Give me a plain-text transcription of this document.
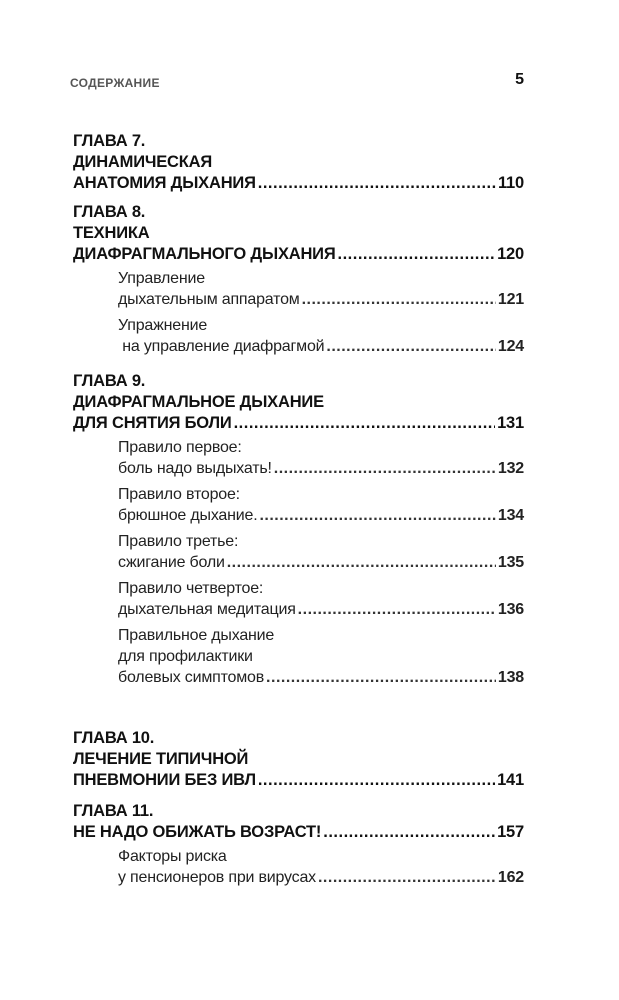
СОДЕРЖАНИЕ	5
ГЛАВА 7.
ДИНАМИЧЕСКАЯ
АНАТОМИЯ ДЫХАНИЯ .....	110
ГЛАВА 8.
ТЕХНИКА
ДИАФРАГМАЛЬНОГО ДЫХАНИЯ .....	120
Управление
дыхательным аппаратом .....	121
Упражнение
на управление диафрагмой .....	124
ГЛАВА 9.
ДИАФРАГМАЛЬНОЕ ДЫХАНИЕ
ДЛЯ СНЯТИЯ БОЛИ .....	131
Правило первое:
боль надо выдыхать! .....	132
Правило второе:
брюшное дыхание. .....	134
Правило третье:
сжигание боли .....	135
Правило четвертое:
дыхательная медитация .....	136
Правильное дыхание
для профилактики
болевых симптомов .....	138
ГЛАВА 10.
ЛЕЧЕНИЕ ТИПИЧНОЙ
ПНЕВМОНИИ БЕЗ ИВЛ .....	141
ГЛАВА 11.
НЕ НАДО ОБИЖАТЬ ВОЗРАСТ! .....	157
Факторы риска
у пенсионеров при вирусах .....	162
